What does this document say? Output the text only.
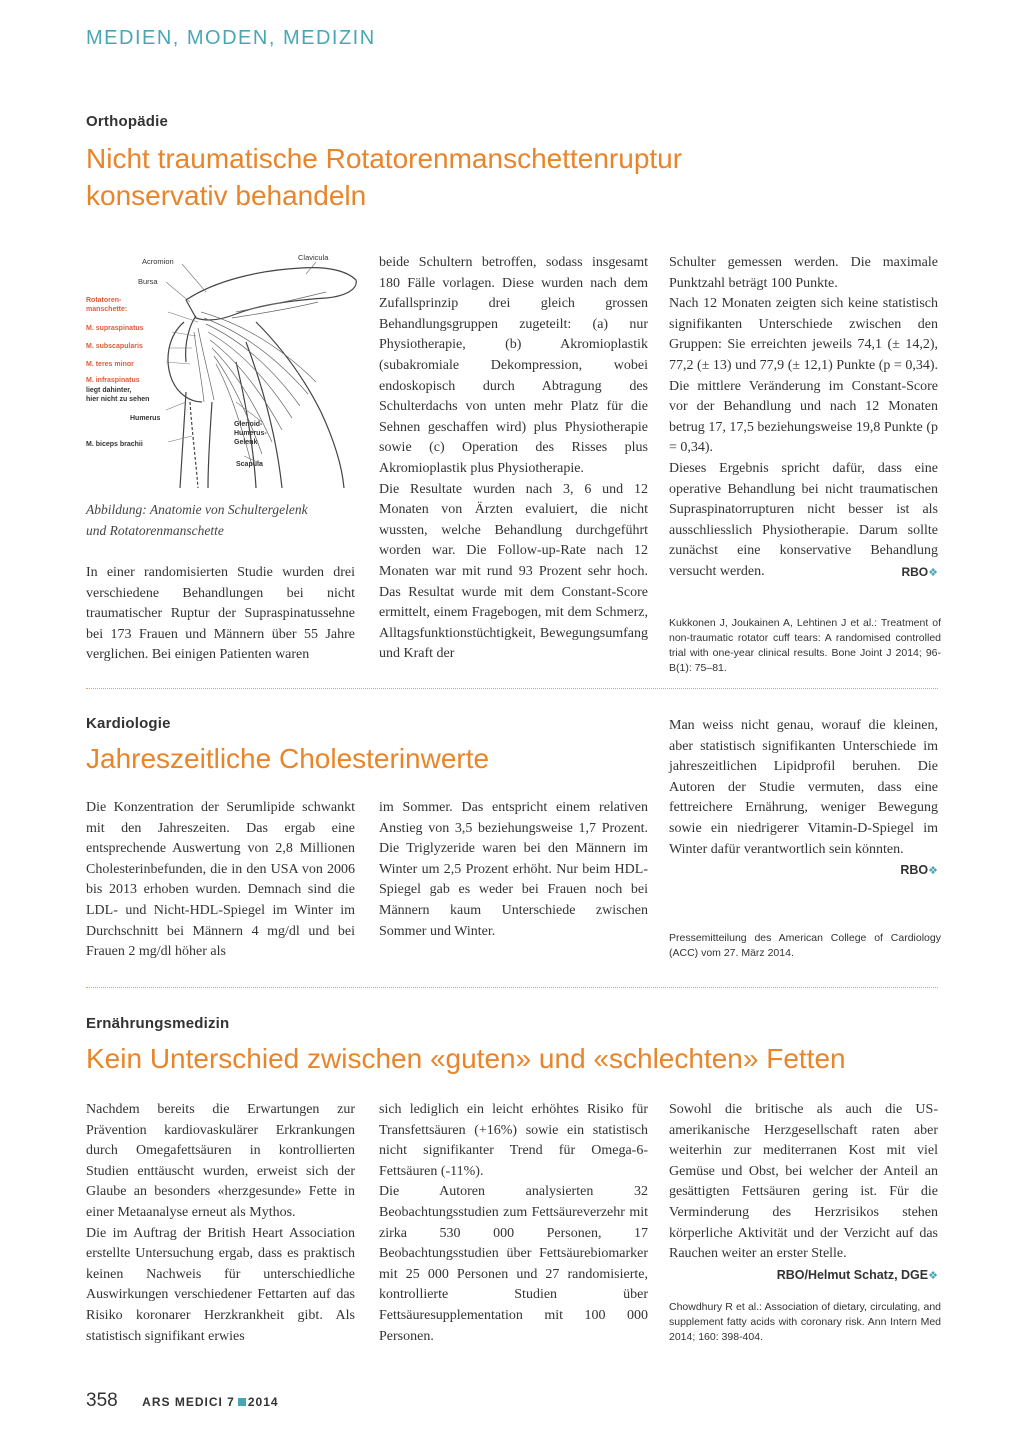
MEDIEN, MODEN, MEDIZIN
Orthopädie
Nicht traumatische Rotatorenmanschettenruptur
konservativ behandeln
Acromion	Clavicula
Bursa
Rotatoren-
manschette:
M. supraspinatus
M. subscapularis
M. teres minor
M. infraspinatus
liegt dahinter,
hier nicht zu sehen
Humerus
M. biceps brachii
Glenoid-
Humerus-
Gelenk
Scapula
Abbildung: Anatomie von Schultergelenk
und Rotatorenmanschette

In einer randomisierten Studie wurden drei verschiedene Behandlungen bei nicht traumatischer Ruptur der Supraspinatussehne bei 173 Frauen und Männern über 55 Jahre verglichen. Bei einigen Patienten waren

beide Schultern betroffen, sodass insgesamt 180 Fälle vorlagen. Diese wurden nach dem Zufallsprinzip drei gleich grossen Behandlungsgruppen zugeteilt: (a) nur Physiotherapie, (b) Akromioplastik (subakromiale Dekompression, wobei endoskopisch durch Abtragung des Schulterdachs von unten mehr Platz für die Sehnen geschaffen wird) plus Physiotherapie sowie (c) Operation des Risses plus Akromioplastik plus Physiotherapie.

Die Resultate wurden nach 3, 6 und 12 Monaten von Ärzten evaluiert, die nicht wussten, welche Behandlung durchgeführt worden war. Die Follow-up-Rate nach 12 Monaten war mit rund 93 Prozent sehr hoch. Das Resultat wurde mit dem Constant-Score ermittelt, einem Fragebogen, mit dem Schmerz, Alltagsfunktionstüchtigkeit, Bewegungsumfang und Kraft der

Schulter gemessen werden. Die maximale Punktzahl beträgt 100 Punkte.

Nach 12 Monaten zeigten sich keine statistisch signifikanten Unterschiede zwischen den Gruppen: Sie erreichten jeweils 74,1 (± 14,2), 77,2 (± 13) und 77,9 (± 12,1) Punkte (p = 0,34). Die mittlere Veränderung im Constant-Score vor der Behandlung und nach 12 Monaten betrug 17, 17,5 beziehungsweise 19,8 Punkte (p = 0,34).

Dieses Ergebnis spricht dafür, dass eine operative Behandlung bei nicht traumatischen Supraspinatorrupturen nicht besser ist als ausschliesslich Physiotherapie. Darum sollte zunächst eine konservative Behandlung versucht werden.	RBO❖

Kukkonen J, Joukainen A, Lehtinen J et al.: Treatment of non-traumatic rotator cuff tears: A randomised controlled trial with one-year clinical results. Bone Joint J 2014; 96-B(1): 75–81.
Kardiologie
Jahreszeitliche Cholesterinwerte

Die Konzentration der Serumlipide schwankt mit den Jahreszeiten. Das ergab eine entsprechende Auswertung von 2,8 Millionen Cholesterinbefunden, die in den USA von 2006 bis 2013 erhoben wurden. Demnach sind die LDL- und Nicht-HDL-Spiegel im Winter im Durchschnitt bei Männern 4 mg/dl und bei Frauen 2 mg/dl höher als

im Sommer. Das entspricht einem relativen Anstieg von 3,5 beziehungsweise 1,7 Prozent. Die Triglyzeride waren bei den Männern im Winter um 2,5 Prozent erhöht. Nur beim HDL-Spiegel gab es weder bei Frauen noch bei Männern kaum Unterschiede zwischen Sommer und Winter.

Man weiss nicht genau, worauf die kleinen, aber statistisch signifikanten Unterschiede im jahreszeitlichen Lipidprofil beruhen. Die Autoren der Studie vermuten, dass eine fettreichere Ernährung, weniger Bewegung sowie ein niedrigerer Vitamin-D-Spiegel im Winter dafür verantwortlich sein könnten.

RBO❖
Pressemitteilung des American College of Cardiology (ACC) vom 27. März 2014.
Ernährungsmedizin
Kein Unterschied zwischen «guten» und «schlechten» Fetten

Nachdem bereits die Erwartungen zur Prävention kardiovaskulärer Erkrankungen durch Omegafettsäuren in kontrollierten Studien enttäuscht wurden, erweist sich der Glaube an besonders «herzgesunde» Fette in einer Metaanalyse erneut als Mythos.

Die im Auftrag der British Heart Association erstellte Untersuchung ergab, dass es praktisch keinen Nachweis für unterschiedliche Auswirkungen verschiedener Fettarten auf das Risiko koronarer Herzkrankheit gibt. Als statistisch signifikant erwies

sich lediglich ein leicht erhöhtes Risiko für Transfettsäuren (+16%) sowie ein statistisch nicht signifikanter Trend für Omega-6-Fettsäuren (-11%).

Die Autoren analysierten 32 Beobachtungsstudien zum Fettsäureverzehr mit zirka 530 000 Personen, 17 Beobachtungsstudien über Fettsäurebiomarker mit 25 000 Personen und 27 randomisierte, kontrollierte Studien über Fettsäuresupplementation mit 100 000 Personen.

Sowohl die britische als auch die US-amerikanische Herzgesellschaft raten aber weiterhin zur mediterranen Kost mit viel Gemüse und Obst, bei welcher der Anteil an gesättigten Fettsäuren gering ist. Für die Verminderung des Herzrisikos stehen körperliche Aktivität und der Verzicht auf das Rauchen weiter an erster Stelle.

RBO/Helmut Schatz, DGE❖
Chowdhury R et al.: Association of dietary, circulating, and supplement fatty acids with coronary risk. Ann Intern Med 2014; 160: 398-404.
358 ARS MEDICI 7 2014
